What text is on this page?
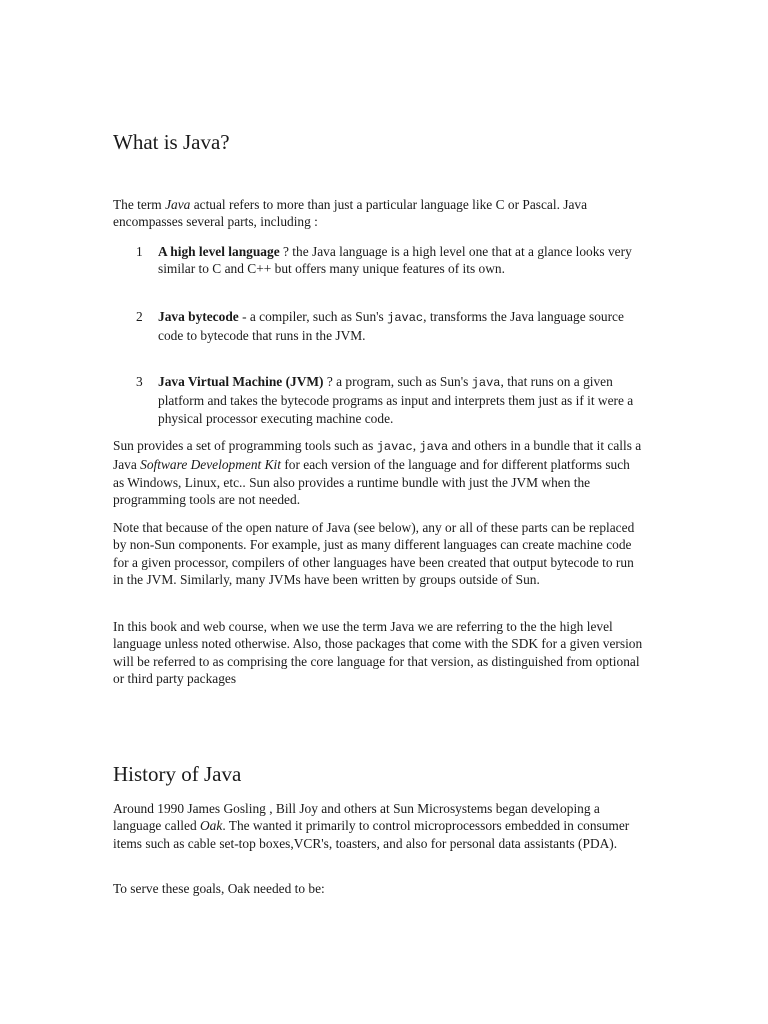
What is Java?

The term Java actual refers to more than just a particular language like C or Pascal. Java encompasses several parts, including :

1 A high level language ? the Java language is a high level one that at a glance looks very similar to C and C++ but offers many unique features of its own.
2 Java bytecode - a compiler, such as Sun's javac, transforms the Java language source code to bytecode that runs in the JVM.
3 Java Virtual Machine (JVM) ? a program, such as Sun's java, that runs on a given platform and takes the bytecode programs as input and interprets them just as if it were a physical processor executing machine code.

Sun provides a set of programming tools such as javac, java and others in a bundle that it calls a Java Software Development Kit for each version of the language and for different platforms such as Windows, Linux, etc.. Sun also provides a runtime bundle with just the JVM when the programming tools are not needed.

Note that because of the open nature of Java (see below), any or all of these parts can be replaced by non-Sun components. For example, just as many different languages can create machine code for a given processor, compilers of other languages have been created that output bytecode to run in the JVM. Similarly, many JVMs have been written by groups outside of Sun.

In this book and web course, when we use the term Java we are referring to the the high level language unless noted otherwise. Also, those packages that come with the SDK for a given version will be referred to as comprising the core language for that version, as distinguished from optional or third party packages

History of Java

Around 1990 James Gosling , Bill Joy and others at Sun Microsystems began developing a language called Oak. The wanted it primarily to control microprocessors embedded in consumer items such as cable set-top boxes,VCR's, toasters, and also for personal data assistants (PDA).

To serve these goals, Oak needed to be:
